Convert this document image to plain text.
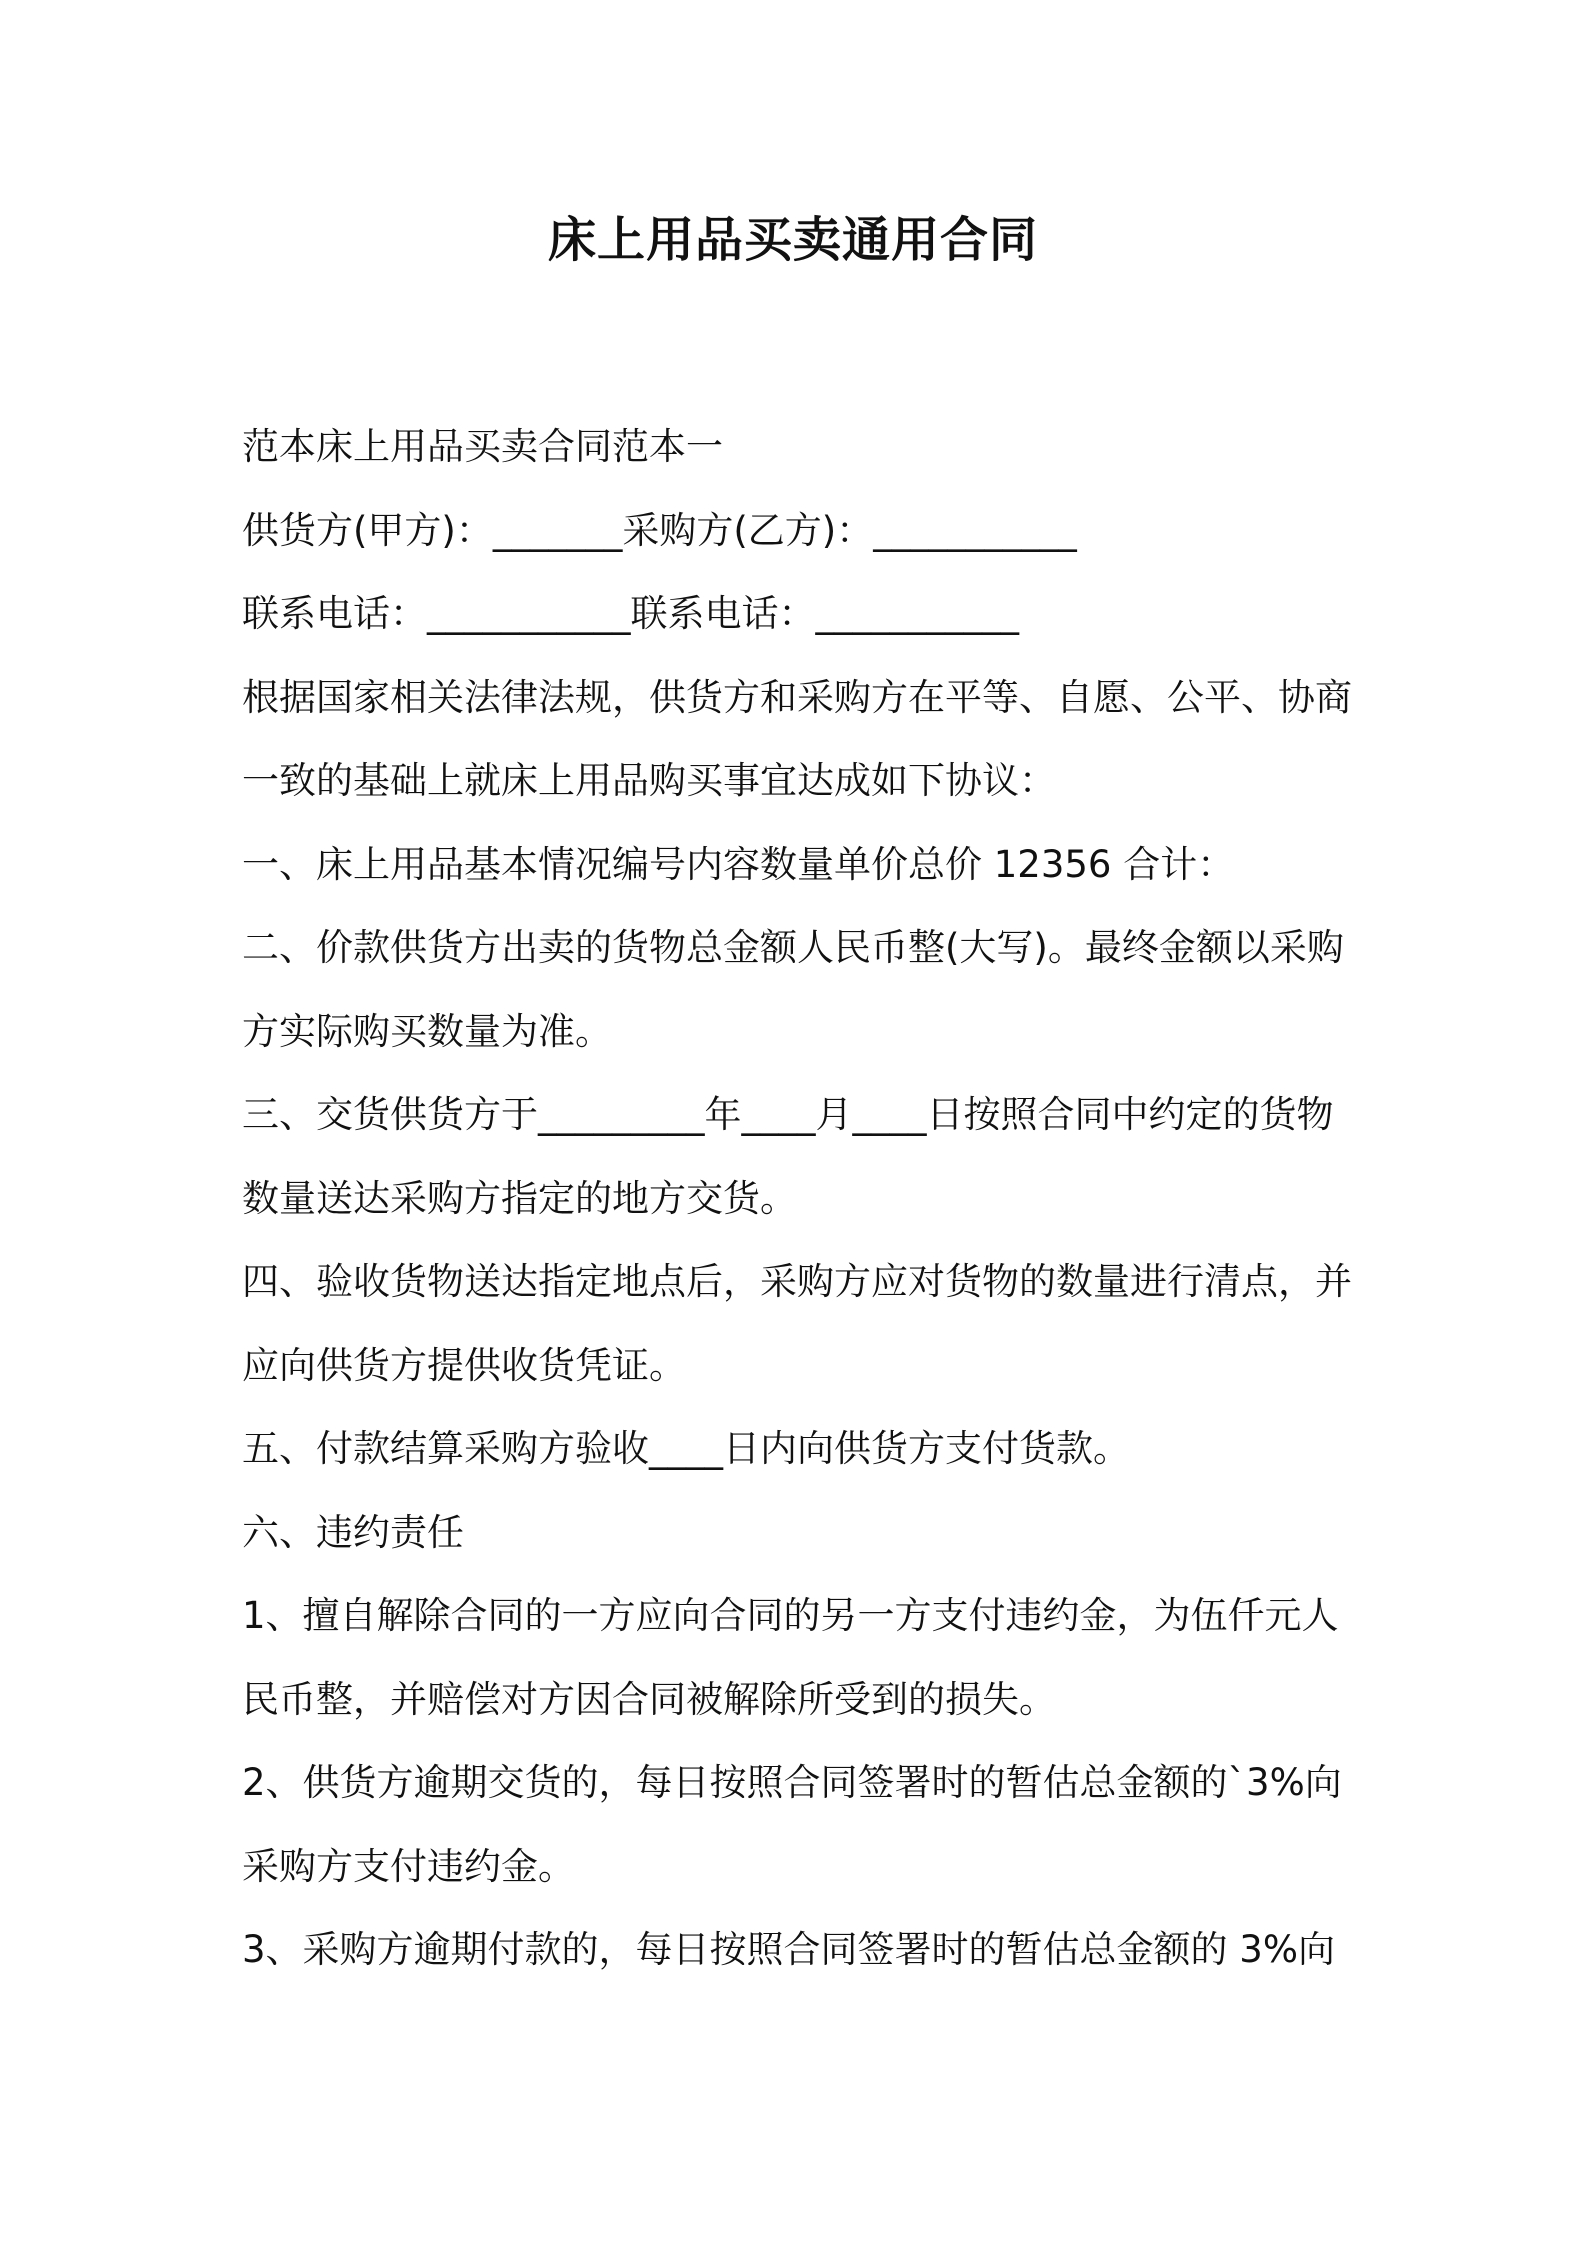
床上用品买卖通用合同

范本床上用品买卖合同范本一

供货方(甲方)：_______采购方(乙方)：___________

联系电话：___________联系电话：___________

根据国家相关法律法规，供货方和采购方在平等、自愿、公平、协商

一致的基础上就床上用品购买事宜达成如下协议：

一、床上用品基本情况编号内容数量单价总价 12356 合计：

二、价款供货方出卖的货物总金额人民币整(大写)。最终金额以采购

方实际购买数量为准。

三、交货供货方于_________年____月____日按照合同中约定的货物

数量送达采购方指定的地方交货。

四、验收货物送达指定地点后，采购方应对货物的数量进行清点，并

应向供货方提供收货凭证。

五、付款结算采购方验收____日内向供货方支付货款。

六、违约责任

1、擅自解除合同的一方应向合同的另一方支付违约金，为伍仟元人

民币整，并赔偿对方因合同被解除所受到的损失。

2、供货方逾期交货的，每日按照合同签署时的暂估总金额的`3%向

采购方支付违约金。

3、采购方逾期付款的，每日按照合同签署时的暂估总金额的 3%向
